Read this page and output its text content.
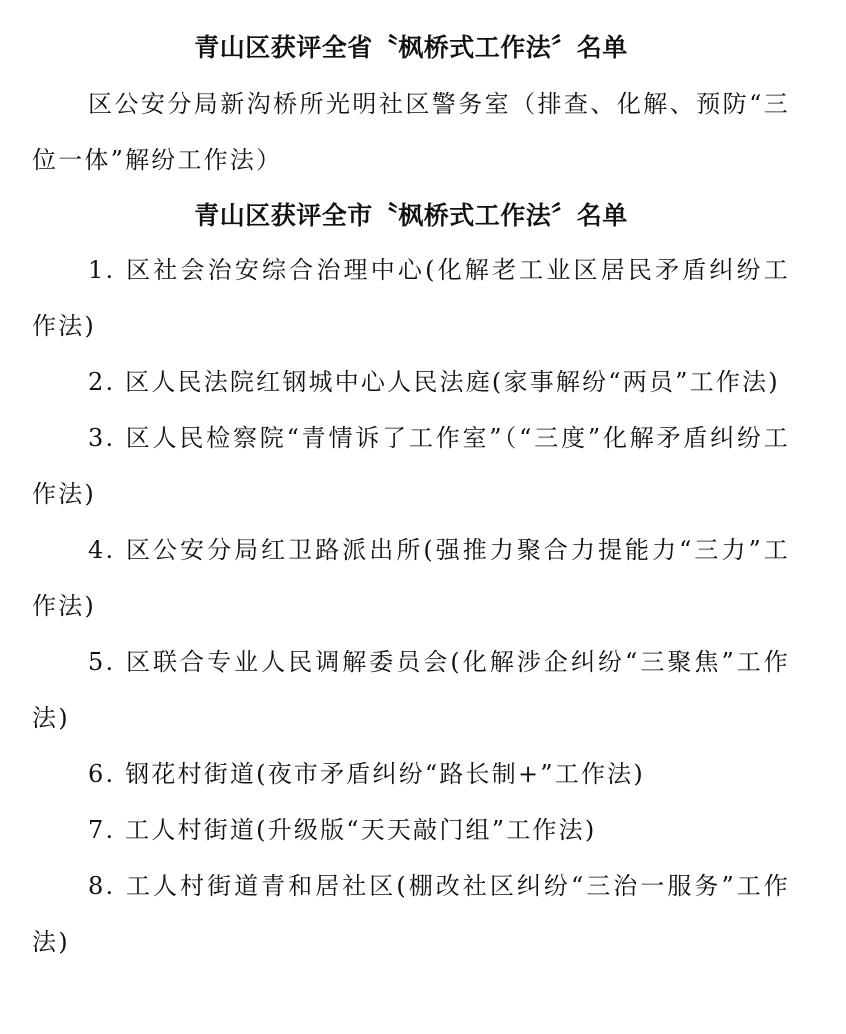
青山区获评全省〝枫桥式工作法〞名单

区公安分局新沟桥所光明社区警务室（排查、化解、预防“三位一体”解纷工作法）

青山区获评全市〝枫桥式工作法〞名单
1. 区社会治安综合治理中心(化解老工业区居民矛盾纠纷工作法)
2. 区人民法院红钢城中心人民法庭(家事解纷“两员”工作法)
3. 区人民检察院“青情诉了工作室”（“三度”化解矛盾纠纷工作法)
4. 区公安分局红卫路派出所(强推力聚合力提能力“三力”工作法)
5. 区联合专业人民调解委员会(化解涉企纠纷“三聚焦”工作法)
6. 钢花村街道(夜市矛盾纠纷“路长制+”工作法)
7. 工人村街道(升级版“天天敲门组”工作法)
8. 工人村街道青和居社区(棚改社区纠纷“三治一服务”工作法)
